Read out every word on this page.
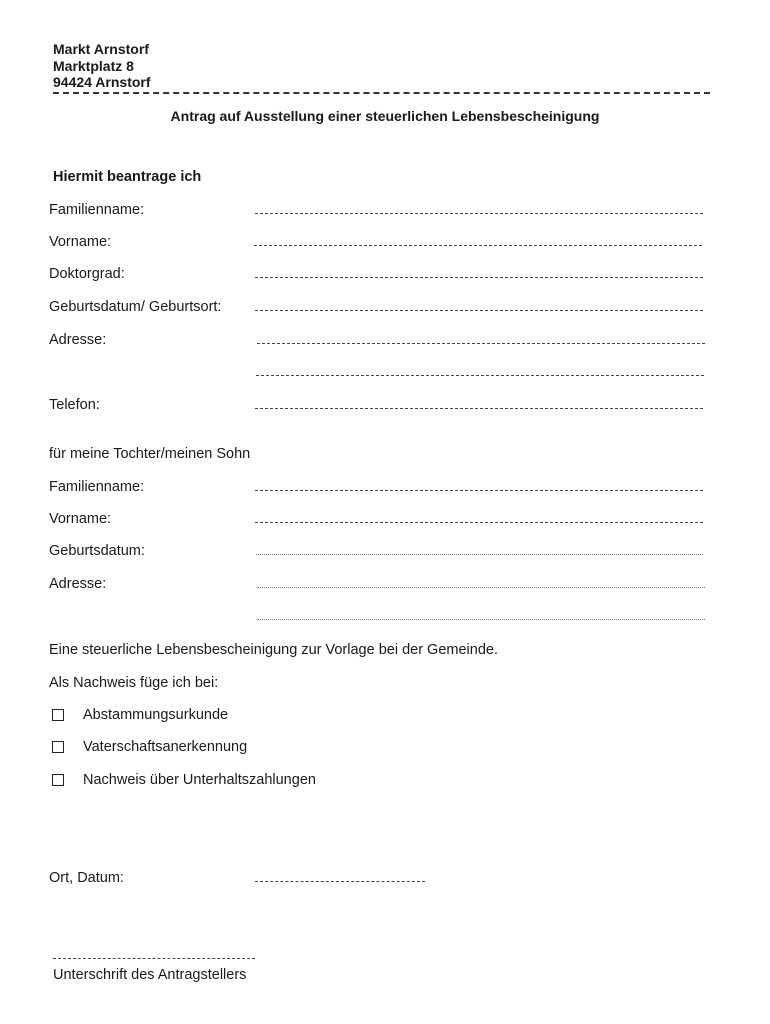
Markt Arnstorf
Marktplatz 8
94424 Arnstorf
Antrag auf Ausstellung einer steuerlichen Lebensbescheinigung
Hiermit beantrage ich
Familienname:
Vorname:
Doktorgrad:
Geburtsdatum/ Geburtsort:
Adresse:
Telefon:
für meine Tochter/meinen Sohn
Familienname:
Vorname:
Geburtsdatum:
Adresse:
Eine steuerliche Lebensbescheinigung zur Vorlage bei der Gemeinde.
Als Nachweis füge ich bei:
Abstammungsurkunde
Vaterschaftsanerkennung
Nachweis über Unterhaltszahlungen
Ort, Datum:
Unterschrift des Antragstellers
